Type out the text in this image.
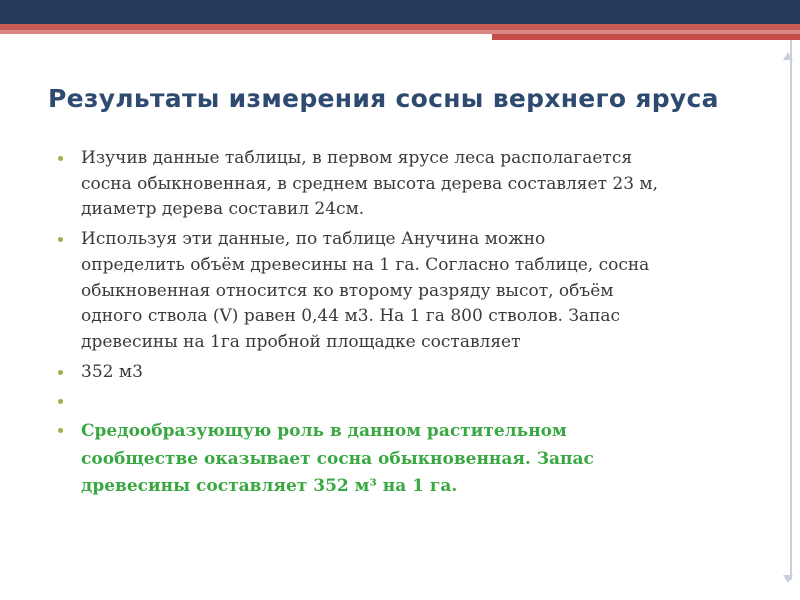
Результаты измерения сосны верхнего яруса
Изучив данные таблицы, в первом ярусе леса располагается
сосна обыкновенная, в среднем высота дерева составляет 23 м,
диаметр дерева составил 24см.
Используя эти данные, по таблице Анучина можно
определить объём древесины на 1 га. Согласно таблице, сосна
обыкновенная относится ко второму разряду высот, объём
одного ствола (V) равен 0,44 м3. На 1 га 800 стволов. Запас
древесины на 1га пробной площадке составляет
352 м3
Средообразующую роль в данном растительном
сообществе оказывает сосна обыкновенная. Запас
древесины составляет 352 м³ на 1 га.
